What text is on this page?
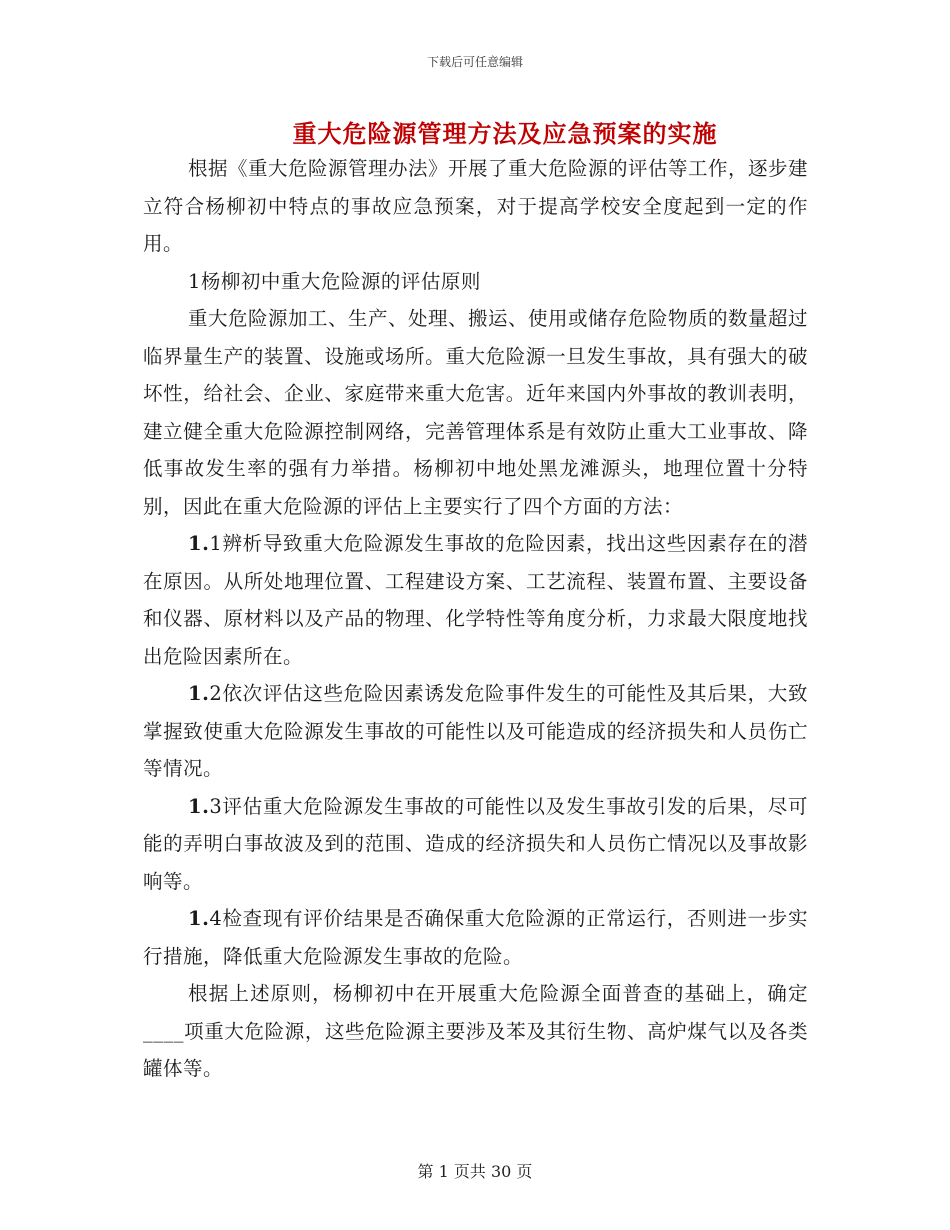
下载后可任意编辑
重大危险源管理方法及应急预案的实施

根据《重大危险源管理办法》开展了重大危险源的评估等工作，逐步建立符合杨柳初中特点的事故应急预案，对于提高学校安全度起到一定的作用。

1杨柳初中重大危险源的评估原则

重大危险源加工、生产、处理、搬运、使用或储存危险物质的数量超过临界量生产的装置、设施或场所。重大危险源一旦发生事故，具有强大的破坏性，给社会、企业、家庭带来重大危害。近年来国内外事故的教训表明，建立健全重大危险源控制网络，完善管理体系是有效防止重大工业事故、降低事故发生率的强有力举措。杨柳初中地处黑龙滩源头，地理位置十分特别，因此在重大危险源的评估上主要实行了四个方面的方法：

1.1辨析导致重大危险源发生事故的危险因素，找出这些因素存在的潜在原因。从所处地理位置、工程建设方案、工艺流程、装置布置、主要设备和仪器、原材料以及产品的物理、化学特性等角度分析，力求最大限度地找出危险因素所在。

1.2依次评估这些危险因素诱发危险事件发生的可能性及其后果，大致掌握致使重大危险源发生事故的可能性以及可能造成的经济损失和人员伤亡等情况。

1.3评估重大危险源发生事故的可能性以及发生事故引发的后果，尽可能的弄明白事故波及到的范围、造成的经济损失和人员伤亡情况以及事故影响等。

1.4检查现有评价结果是否确保重大危险源的正常运行，否则进一步实行措施，降低重大危险源发生事故的危险。

根据上述原则，杨柳初中在开展重大危险源全面普查的基础上，确定____项重大危险源，这些危险源主要涉及苯及其衍生物、高炉煤气以及各类罐体等。

第 1 页共 30 页
